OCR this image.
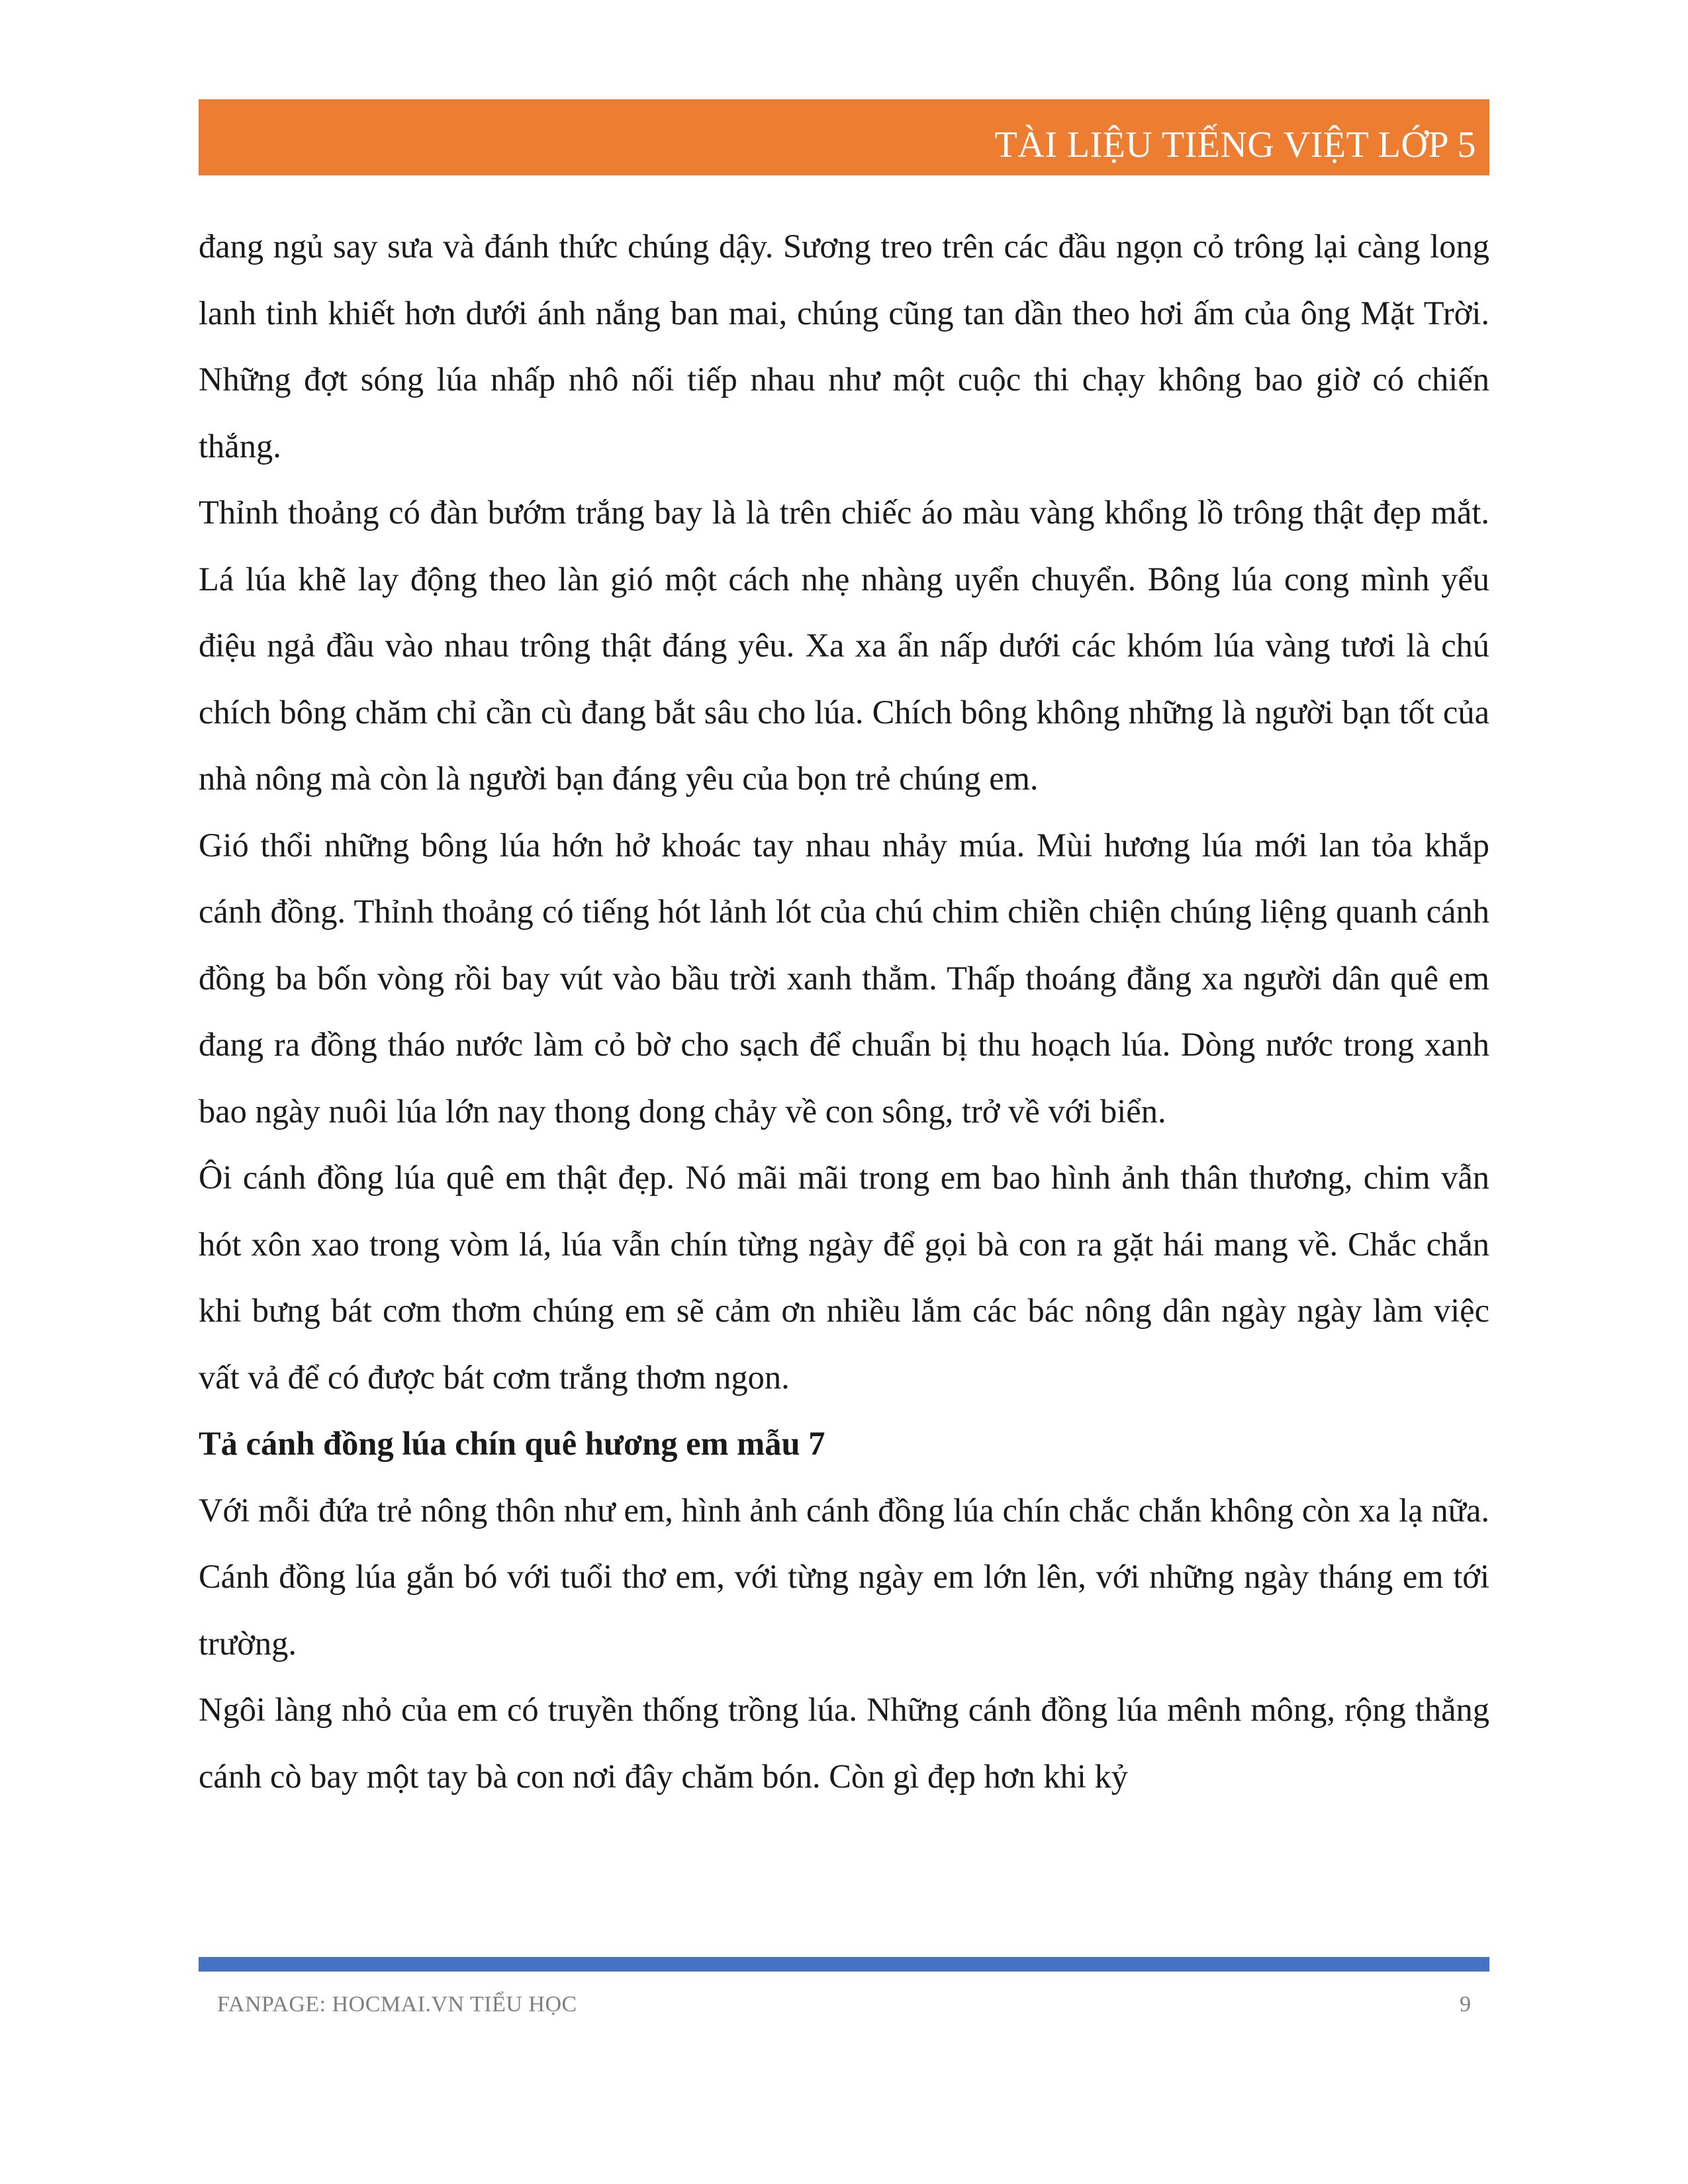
TÀI LIỆU TIẾNG VIỆT LỚP 5

đang ngủ say sưa và đánh thức chúng dậy. Sương treo trên các đầu ngọn cỏ trông lại càng long lanh tinh khiết hơn dưới ánh nắng ban mai, chúng cũng tan dần theo hơi ấm của ông Mặt Trời. Những đợt sóng lúa nhấp nhô nối tiếp nhau như một cuộc thi chạy không bao giờ có chiến thắng.

Thỉnh thoảng có đàn bướm trắng bay là là trên chiếc áo màu vàng khổng lồ trông thật đẹp mắt. Lá lúa khẽ lay động theo làn gió một cách nhẹ nhàng uyển chuyển. Bông lúa cong mình yểu điệu ngả đầu vào nhau trông thật đáng yêu. Xa xa ẩn nấp dưới các khóm lúa vàng tươi là chú chích bông chăm chỉ cần cù đang bắt sâu cho lúa. Chích bông không những là người bạn tốt của nhà nông mà còn là người bạn đáng yêu của bọn trẻ chúng em.

Gió thổi những bông lúa hớn hở khoác tay nhau nhảy múa. Mùi hương lúa mới lan tỏa khắp cánh đồng. Thỉnh thoảng có tiếng hót lảnh lót của chú chim chiền chiện chúng liệng quanh cánh đồng ba bốn vòng rồi bay vút vào bầu trời xanh thẳm. Thấp thoáng đằng xa người dân quê em đang ra đồng tháo nước làm cỏ bờ cho sạch để chuẩn bị thu hoạch lúa. Dòng nước trong xanh bao ngày nuôi lúa lớn nay thong dong chảy về con sông, trở về với biển.

Ôi cánh đồng lúa quê em thật đẹp. Nó mãi mãi trong em bao hình ảnh thân thương, chim vẫn hót xôn xao trong vòm lá, lúa vẫn chín từng ngày để gọi bà con ra gặt hái mang về. Chắc chắn khi bưng bát cơm thơm chúng em sẽ cảm ơn nhiều lắm các bác nông dân ngày ngày làm việc vất vả để có được bát cơm trắng thơm ngon.

Tả cánh đồng lúa chín quê hương em mẫu 7

Với mỗi đứa trẻ nông thôn như em, hình ảnh cánh đồng lúa chín chắc chắn không còn xa lạ nữa. Cánh đồng lúa gắn bó với tuổi thơ em, với từng ngày em lớn lên, với những ngày tháng em tới trường.

Ngôi làng nhỏ của em có truyền thống trồng lúa. Những cánh đồng lúa mênh mông, rộng thẳng cánh cò bay một tay bà con nơi đây chăm bón. Còn gì đẹp hơn khi kỷ

FANPAGE: HOCMAI.VN TIỂU HỌC	9
